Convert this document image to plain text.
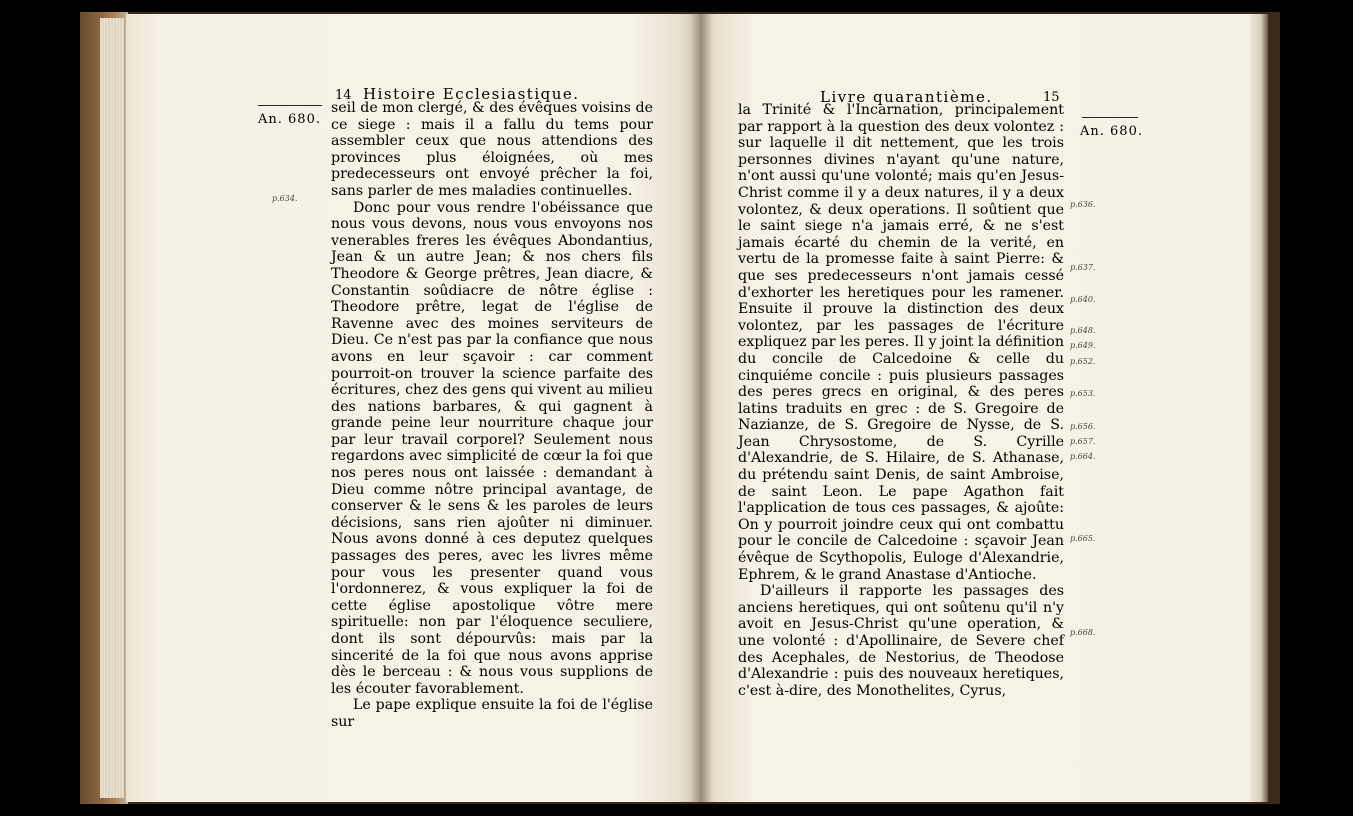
14 Histoire Ecclesiastique.
An. 680.
p.634.

seil de mon clergé, & des évêques voisins de ce siege : mais il a fallu du tems pour assembler ceux que nous attendions des provinces plus éloignées, où mes predecesseurs ont envoyé prêcher la foi, sans parler de mes maladies continuelles.

Donc pour vous rendre l'obéissance que nous vous devons, nous vous envoyons nos venerables freres les évêques Abondantius, Jean & un autre Jean; & nos chers fils Theodore & George prêtres, Jean diacre, & Constantin soûdiacre de nôtre église : Theodore prêtre, legat de l'église de Ravenne avec des moines serviteurs de Dieu. Ce n'est pas par la confiance que nous avons en leur sçavoir : car comment pourroit-on trouver la science parfaite des écritures, chez des gens qui vivent au milieu des nations barbares, & qui gagnent à grande peine leur nourriture chaque jour par leur travail corporel? Seulement nous regardons avec simplicité de cœur la foi que nos peres nous ont laissée : demandant à Dieu comme nôtre principal avantage, de conserver & le sens & les paroles de leurs décisions, sans rien ajoûter ni diminuer. Nous avons donné à ces deputez quelques passages des peres, avec les livres même pour vous les presenter quand vous l'ordonnerez, & vous expliquer la foi de cette église apostolique vôtre mere spirituelle: non par l'éloquence seculiere, dont ils sont dépourvûs: mais par la sincerité de la foi que nous avons apprise dès le berceau : & nous vous supplions de les écouter favorablement.

Le pape explique ensuite la foi de l'église sur

Livre quarantième.	15
An. 680.
p.636.
p.637.
p.640.
p.648.
p.649.
p.652.
p.653.
p.656.
p.657.
p.664.
p.665.
p.668.

la Trinité & l'Incarnation, principalement par rapport à la question des deux volontez : sur laquelle il dit nettement, que les trois personnes divines n'ayant qu'une nature, n'ont aussi qu'une volonté; mais qu'en Jesus-Christ comme il y a deux natures, il y a deux volontez, & deux operations. Il soûtient que le saint siege n'a jamais erré, & ne s'est jamais écarté du chemin de la verité, en vertu de la promesse faite à saint Pierre: & que ses predecesseurs n'ont jamais cessé d'exhorter les heretiques pour les ramener. Ensuite il prouve la distinction des deux volontez, par les passages de l'écriture expliquez par les peres. Il y joint la définition du concile de Calcedoine & celle du cinquiéme concile : puis plusieurs passages des peres grecs en original, & des peres latins traduits en grec : de S. Gregoire de Nazianze, de S. Gregoire de Nysse, de S. Jean Chrysostome, de S. Cyrille d'Alexandrie, de S. Hilaire, de S. Athanase, du prétendu saint Denis, de saint Ambroise, de saint Leon. Le pape Agathon fait l'application de tous ces passages, & ajoûte: On y pourroit joindre ceux qui ont combattu pour le concile de Calcedoine : sçavoir Jean évêque de Scythopolis, Euloge d'Alexandrie, Ephrem, & le grand Anastase d'Antioche.

D'ailleurs il rapporte les passages des anciens heretiques, qui ont soûtenu qu'il n'y avoit en Jesus-Christ qu'une operation, & une volonté : d'Apollinaire, de Severe chef des Acephales, de Nestorius, de Theodose d'Alexandrie : puis des nouveaux heretiques, c'est à-dire, des Monothelites, Cyrus,
